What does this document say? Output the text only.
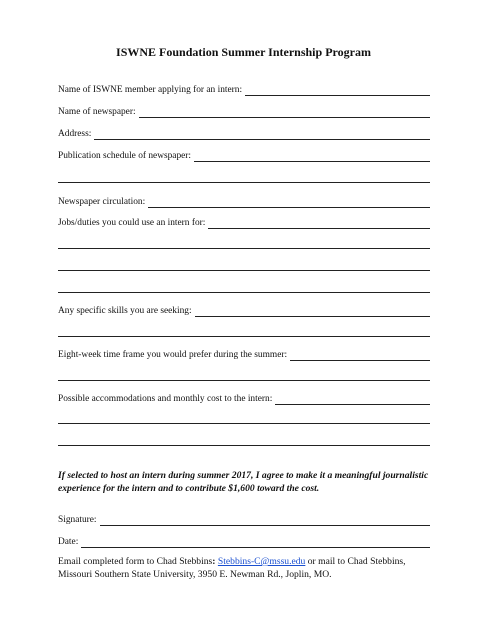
ISWNE Foundation Summer Internship Program
Name of ISWNE member applying for an intern:
Name of newspaper:
Address:
Publication schedule of newspaper:
Newspaper circulation:
Jobs/duties you could use an intern for:
Any specific skills you are seeking:
Eight-week time frame you would prefer during the summer:
Possible accommodations and monthly cost to the intern:
If selected to host an intern during summer 2017, I agree to make it a meaningful journalistic experience for the intern and to contribute $1,600 toward the cost.
Signature:
Date:
Email completed form to Chad Stebbins: Stebbins-C@mssu.edu or mail to Chad Stebbins,
Missouri Southern State University, 3950 E. Newman Rd., Joplin, MO.
